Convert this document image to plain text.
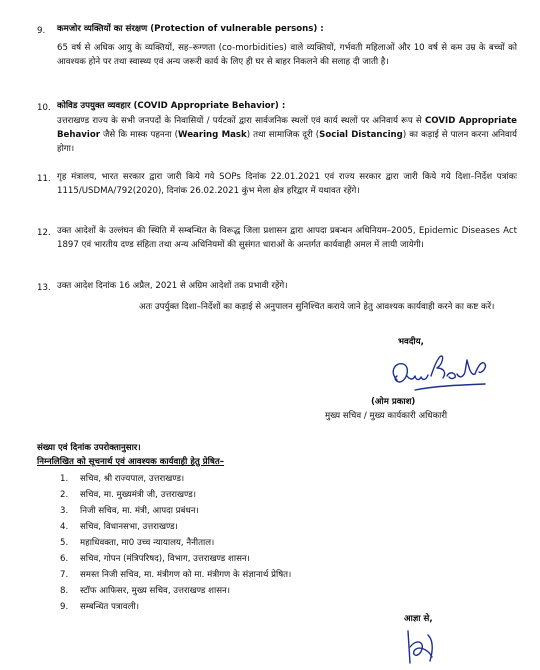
9. कमजोर व्यक्तियों का संरक्षण (Protection of vulnerable persons) :
65 वर्ष से अधिक आयु के व्यक्तियों, सह–रूग्णता (co-morbidities) वाले व्यक्तियों, गर्भवती महिलाओं और 10 वर्ष से कम उम्र के बच्चों को आवश्यक होने पर तथा स्वास्थ्य एवं अन्य जरूरी कार्य के लिए ही घर से बाहर निकलने की सलाह दी जाती है।
10. कोविड उपयुक्त व्यवहार (COVID Appropriate Behavior) :
उत्तराखण्ड राज्य के सभी जनपदों के निवासियों / पर्यटकों द्वारा सार्वजनिक स्थलों एवं कार्य स्थलों पर अनिवार्य रूप से COVID Appropriate Behavior जैसे कि मास्क पहनना (Wearing Mask) तथा सामाजिक दूरी (Social Distancing) का कड़ाई से पालन करना अनिवार्य होगा।
11. गृह मंत्रालय, भारत सरकार द्वारा जारी किये गये SOPs दिनांक 22.01.2021 एवं राज्य सरकार द्वारा जारी किये गये दिशा–निर्देश पत्रांकः 1115/USDMA/792(2020), दिनांक 26.02.2021 कुंभ मेला क्षेत्र हरिद्वार में यथावत रहेंगे।
12. उक्त आदेशों के उल्लंघन की स्थिति में सम्बन्धित के विरूद्ध जिला प्रशासन द्वारा आपदा प्रबन्धन अधिनियम–2005, Epidemic Diseases Act 1897 एवं भारतीय दण्ड संहिता तथा अन्य अधिनियमों की सुसंगत धाराओं के अन्तर्गत कार्यवाही अमल में लायी जायेगी।
13. उक्त आदेश दिनांक 16 अप्रैल, 2021 से अग्रिम आदेशों तक प्रभावी रहेंगे।
अतः उपर्युक्त दिशा–निर्देशों का कड़ाई से अनुपालन सुनिश्चित कराये जाने हेतु आवश्यक कार्यवाही करने का कष्ट करें।
भवदीय,
(ओम प्रकाश)
मुख्य सचिव / मुख्य कार्यकारी अधिकारी
संख्या एवं दिनांक उपरोक्तानुसार।
निम्नलिखित को सूचनार्थ एवं आवश्यक कार्यवाही हेतु प्रेषित–
1. सचिव, श्री राज्यपाल, उत्तराखण्ड।
2. सचिव, मा. मुख्यमंत्री जी, उत्तराखण्ड।
3. निजी सचिव, मा. मंत्री, आपदा प्रबंधन।
4. सचिव, विधानसभा, उत्तराखण्ड।
5. महाधिवक्ता, मा0 उच्च न्यायालय, नैनीताल।
6. सचिव, गोपन (मंत्रिपरिषद), विभाग, उत्तराखण्ड शासन।
7. समस्त निजी सचिव, मा. मंत्रीगण को मा. मंत्रीगण के संज्ञानार्थ प्रेषित।
8. स्टॉफ आफिसर, मुख्य सचिव, उत्तराखण्ड शासन।
9. सम्बन्धित पत्रावली।
आज्ञा से,
